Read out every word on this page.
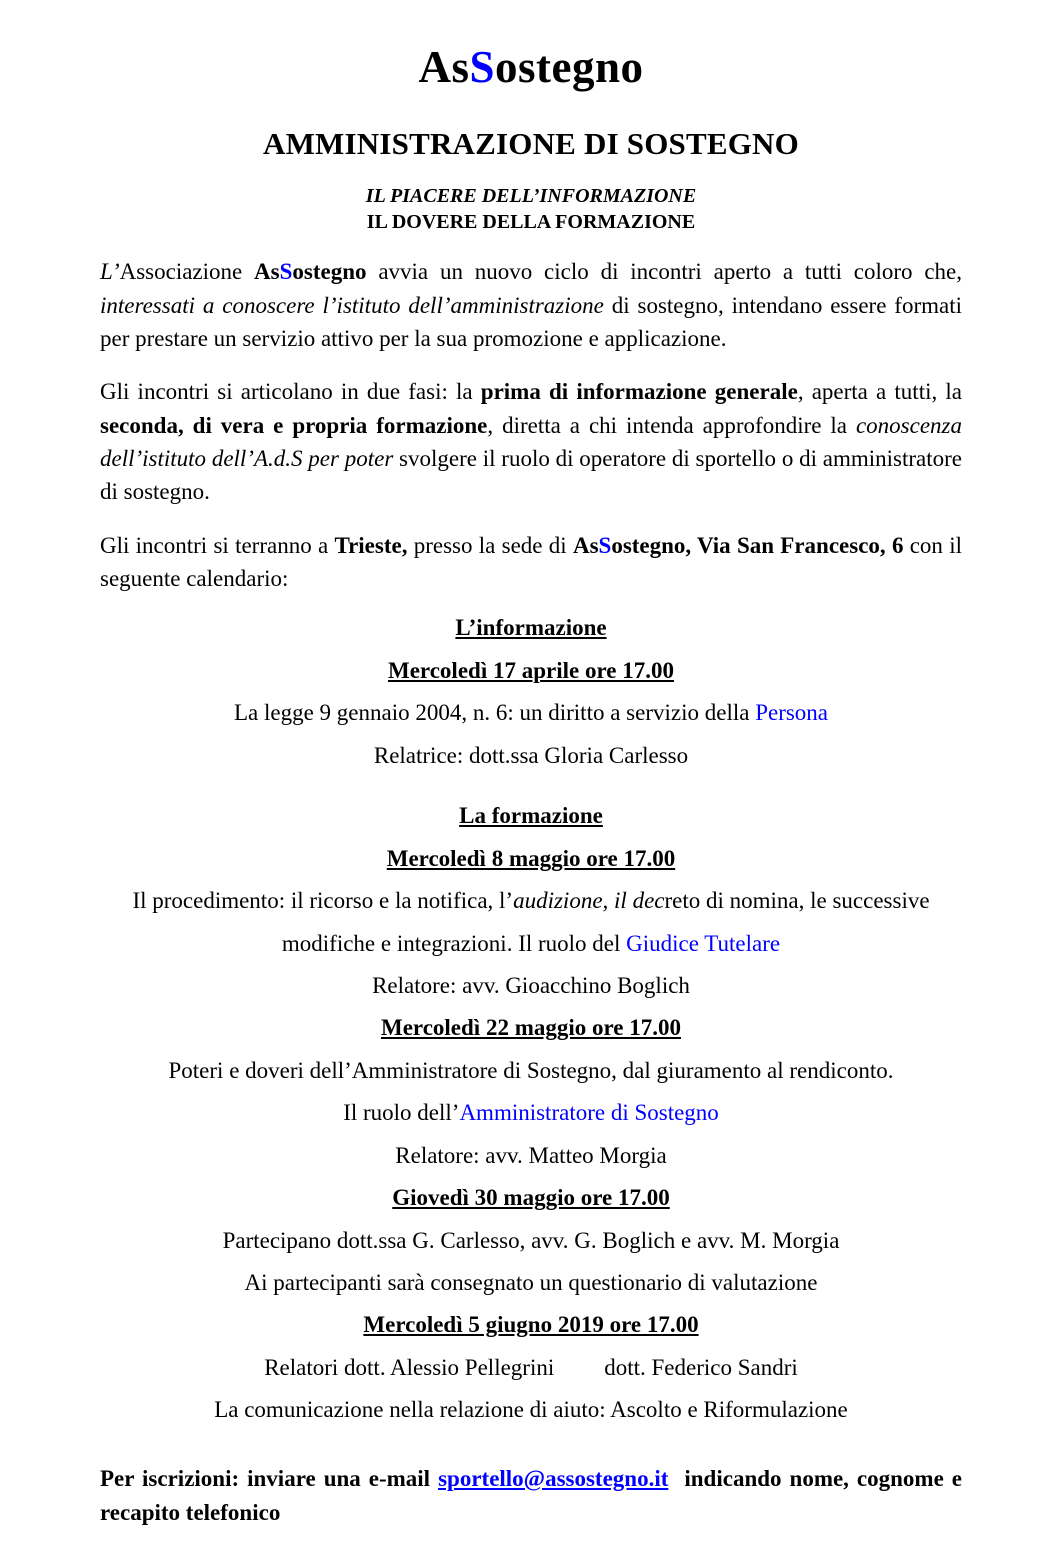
AsSostegno
AMMINISTRAZIONE DI SOSTEGNO

IL PIACERE DELL’INFORMAZIONE

IL DOVERE DELLA FORMAZIONE

L’Associazione AsSostegno avvia un nuovo ciclo di incontri aperto a tutti coloro che, interessati a conoscere l’istituto dell’amministrazione di sostegno, intendano essere formati per prestare un servizio attivo per la sua promozione e applicazione.

Gli incontri si articolano in due fasi: la prima di informazione generale, aperta a tutti, la seconda, di vera e propria formazione, diretta a chi intenda approfondire la conoscenza dell’istituto dell’A.d.S per poter svolgere il ruolo di operatore di sportello o di amministratore di sostegno.

Gli incontri si terranno a Trieste, presso la sede di AsSostegno, Via San Francesco, 6 con il seguente calendario:

L’informazione

Mercoledì 17 aprile ore 17.00

La legge 9 gennaio 2004, n. 6: un diritto a servizio della Persona

Relatrice: dott.ssa Gloria Carlesso

La formazione

Mercoledì 8 maggio ore 17.00

Il procedimento: il ricorso e la notifica, l’audizione, il decreto di nomina, le successive

modifiche e integrazioni. Il ruolo del Giudice Tutelare

Relatore: avv. Gioacchino Boglich

Mercoledì 22 maggio ore 17.00

Poteri e doveri dell’Amministratore di Sostegno, dal giuramento al rendiconto.

Il ruolo dell’Amministratore di Sostegno

Relatore: avv. Matteo Morgia

Giovedì 30 maggio ore 17.00

Partecipano dott.ssa G. Carlesso, avv. G. Boglich e avv. M. Morgia

Ai partecipanti sarà consegnato un questionario di valutazione

Mercoledì 5 giugno 2019 ore 17.00

Relatori dott. Alessio Pellegrini dott. Federico Sandri

La comunicazione nella relazione di aiuto: Ascolto e Riformulazione

Per iscrizioni: inviare una e-mail sportello@assostegno.it  indicando nome, cognome e

recapito telefonico
